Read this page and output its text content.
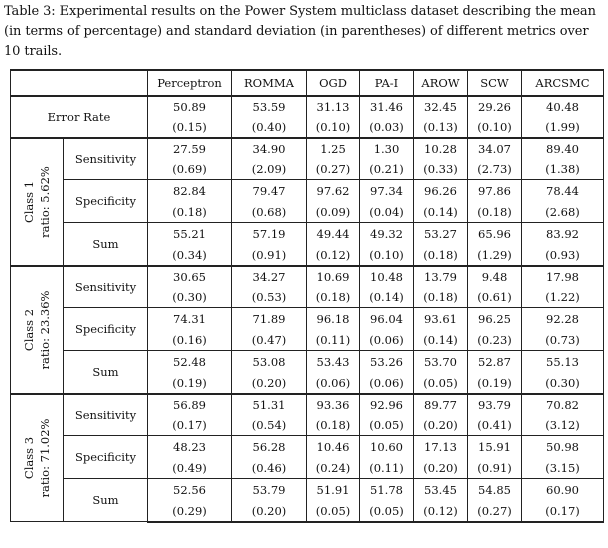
Table 3: Experimental results on the Power System multiclass dataset describing the mean (in terms of percentage) and standard deviation (in parentheses) of different metrics over 10 trails.
		Perceptron	ROMMA	OGD	PA-I	AROW	SCW	ARCSMC
Error Rate		50.89	53.59	31.13	31.46	32.45	29.26	40.48
		(0.15)	(0.40)	(0.10)	(0.03)	(0.13)	(0.10)	(1.99)

Class 1 ratio: 5.62%	Sensitivity	27.59	34.90	1.25	1.30	10.28	34.07	89.40
		(0.69)	(2.09)	(0.27)	(0.21)	(0.33)	(2.73)	(1.38)
	Specificity	82.84	79.47	97.62	97.34	96.26	97.86	78.44
		(0.18)	(0.68)	(0.09)	(0.04)	(0.14)	(0.18)	(2.68)
	Sum	55.21	57.19	49.44	49.32	53.27	65.96	83.92
		(0.34)	(0.91)	(0.12)	(0.10)	(0.18)	(1.29)	(0.93)

Class 2 ratio: 23.36%	Sensitivity	30.65	34.27	10.69	10.48	13.79	9.48	17.98
		(0.30)	(0.53)	(0.18)	(0.14)	(0.18)	(0.61)	(1.22)
	Specificity	74.31	71.89	96.18	96.04	93.61	96.25	92.28
		(0.16)	(0.47)	(0.11)	(0.06)	(0.14)	(0.23)	(0.73)
	Sum	52.48	53.08	53.43	53.26	53.70	52.87	55.13
		(0.19)	(0.20)	(0.06)	(0.06)	(0.05)	(0.19)	(0.30)

Class 3 ratio: 71.02%	Sensitivity	56.89	51.31	93.36	92.96	89.77	93.79	70.82
		(0.17)	(0.54)	(0.18)	(0.05)	(0.20)	(0.41)	(3.12)
	Specificity	48.23	56.28	10.46	10.60	17.13	15.91	50.98
		(0.49)	(0.46)	(0.24)	(0.11)	(0.20)	(0.91)	(3.15)
	Sum	52.56	53.79	51.91	51.78	53.45	54.85	60.90
		(0.29)	(0.20)	(0.05)	(0.05)	(0.12)	(0.27)	(0.17)
